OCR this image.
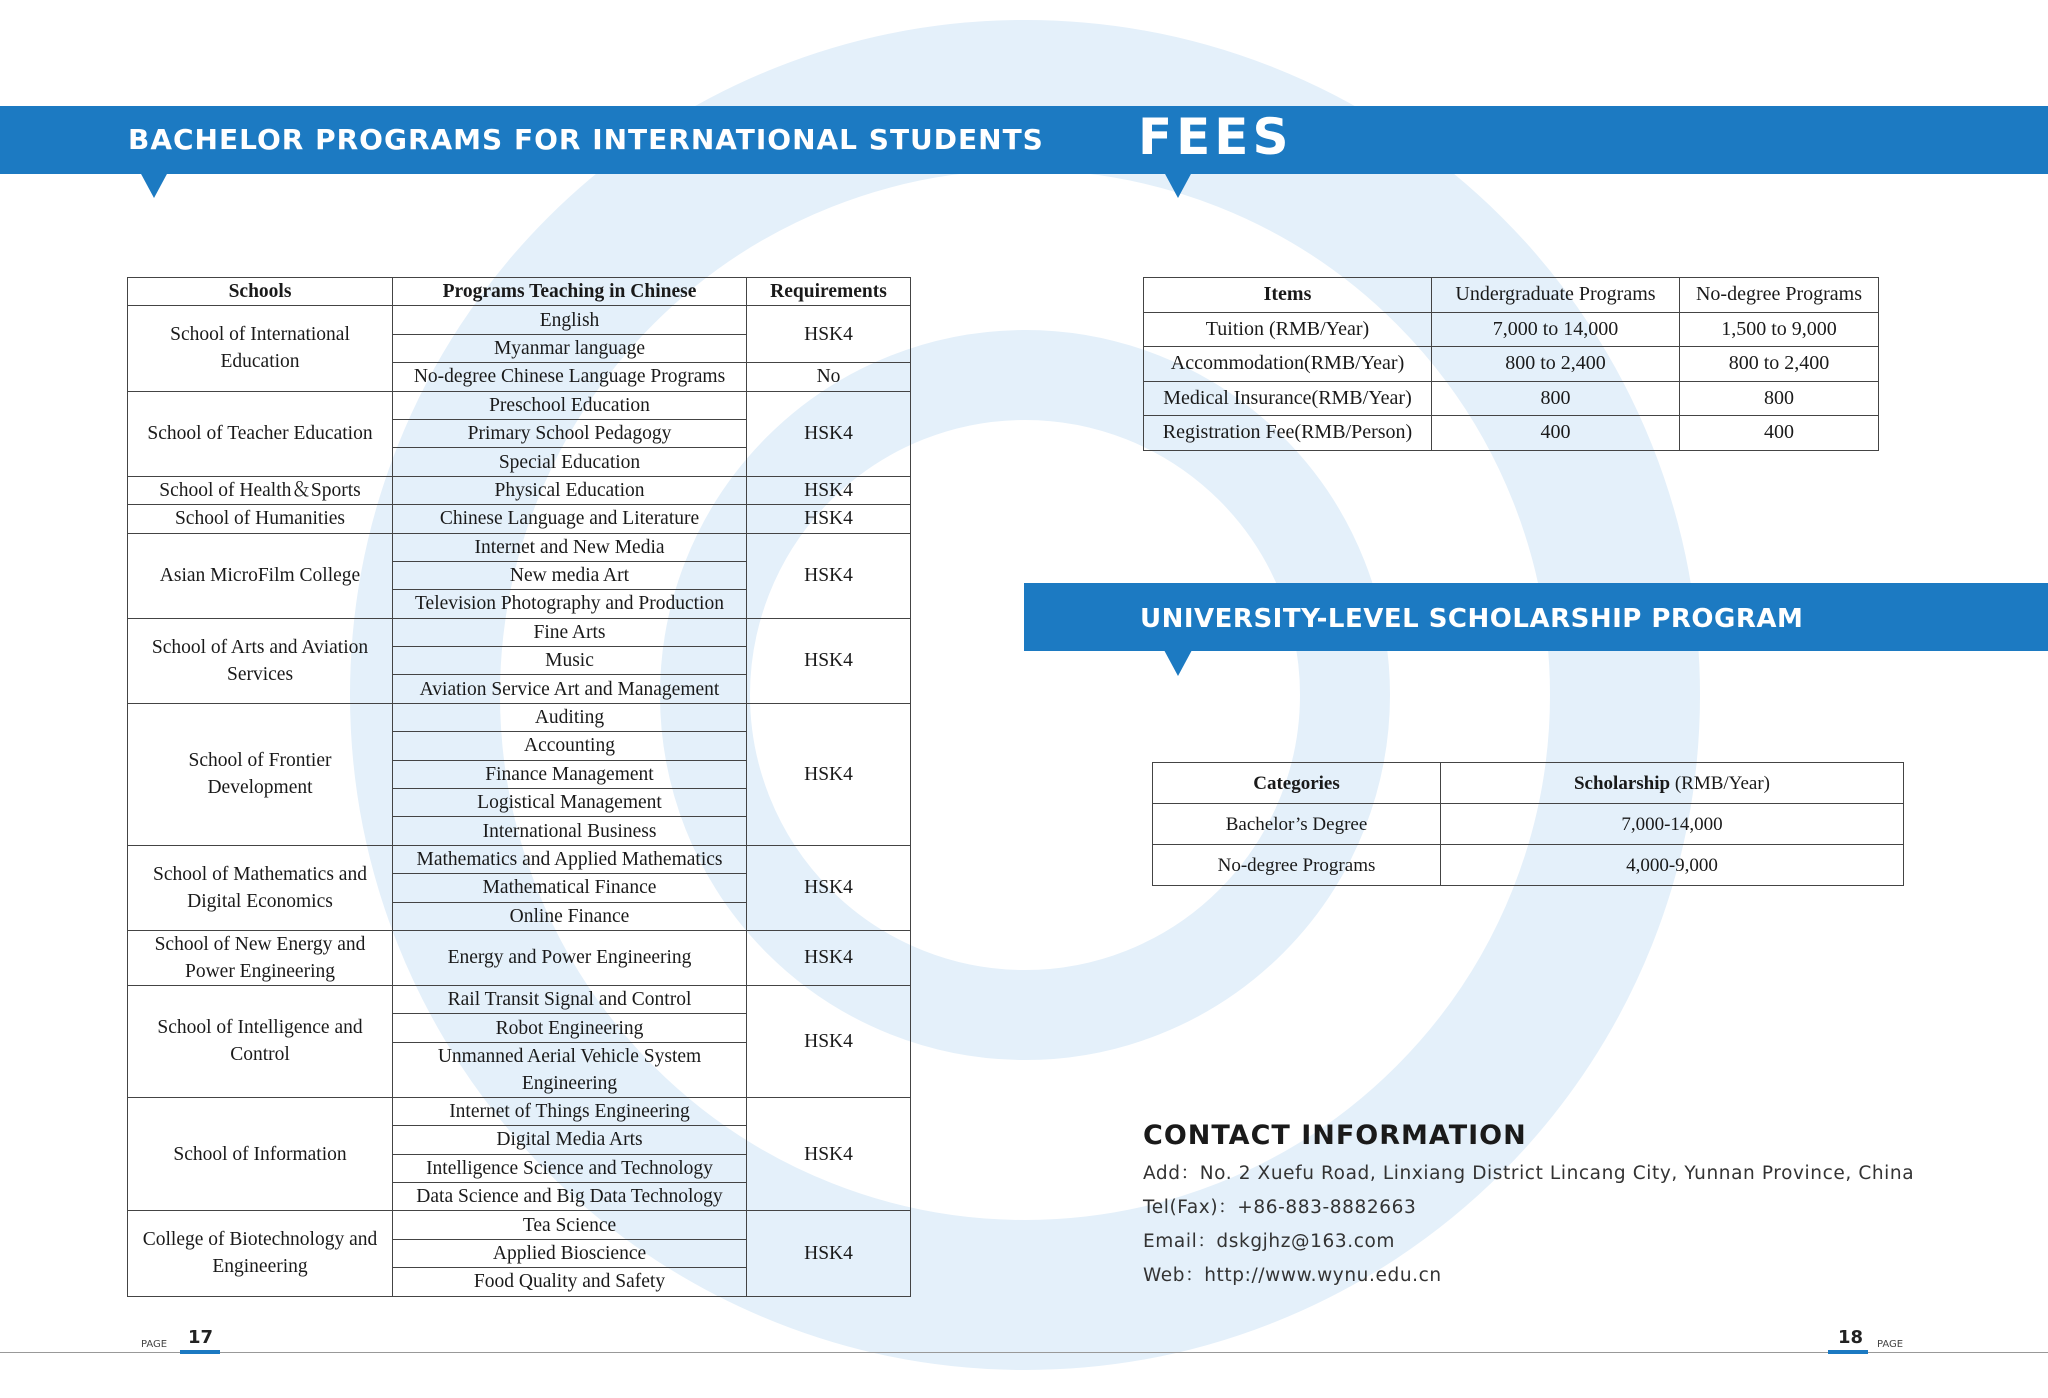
BACHELOR PROGRAMS FOR INTERNATIONAL STUDENTS FEES
Schools	Programs Teaching in Chinese	Requirements
School of International Education	English	HSK4
	Myanmar language	
	No-degree Chinese Language Programs	No
School of Teacher Education	Preschool Education	HSK4
	Primary School Pedagogy	
	Special Education	
School of Health＆Sports	Physical Education	HSK4
School of Humanities	Chinese Language and Literature	HSK4
Asian MicroFilm College	Internet and New Media	HSK4
	New media Art	
	Television Photography and Production	
School of Arts and Aviation Services	Fine Arts	HSK4
	Music	
	Aviation Service Art and Management	
School of Frontier Development	Auditing	HSK4
	Accounting	
	Finance Management	
	Logistical Management	
	International Business	
School of Mathematics and Digital Economics	Mathematics and Applied Mathematics	HSK4
	Mathematical Finance	
	Online Finance	
School of New Energy and Power Engineering	Energy and Power Engineering	HSK4
School of Intelligence and Control	Rail Transit Signal and Control	HSK4
	Robot Engineering	
	Unmanned Aerial Vehicle System Engineering	
School of Information	Internet of Things Engineering	HSK4
	Digital Media Arts	
	Intelligence Science and Technology	
	Data Science and Big Data Technology	
College of Biotechnology and Engineering	Tea Science	HSK4
	Applied Bioscience	
	Food Quality and Safety	
Items	Undergraduate Programs	No-degree Programs
Tuition (RMB/Year)	7,000 to 14,000	1,500 to 9,000
Accommodation(RMB/Year)	800 to 2,400	800 to 2,400
Medical Insurance(RMB/Year)	800	800
Registration Fee(RMB/Person)	400	400
UNIVERSITY-LEVEL SCHOLARSHIP PROGRAM
Categories	Scholarship (RMB/Year)
Bachelor’s Degree	7,000-14,000
No-degree Programs	4,000-9,000
CONTACT INFORMATION
Add：No. 2 Xuefu Road, Linxiang District Lincang City, Yunnan Province, China
Tel(Fax)：+86-883-8882663
Email：dskgjhz@163.com
Web：http://www.wynu.edu.cn
PAGE 17	18 PAGE
